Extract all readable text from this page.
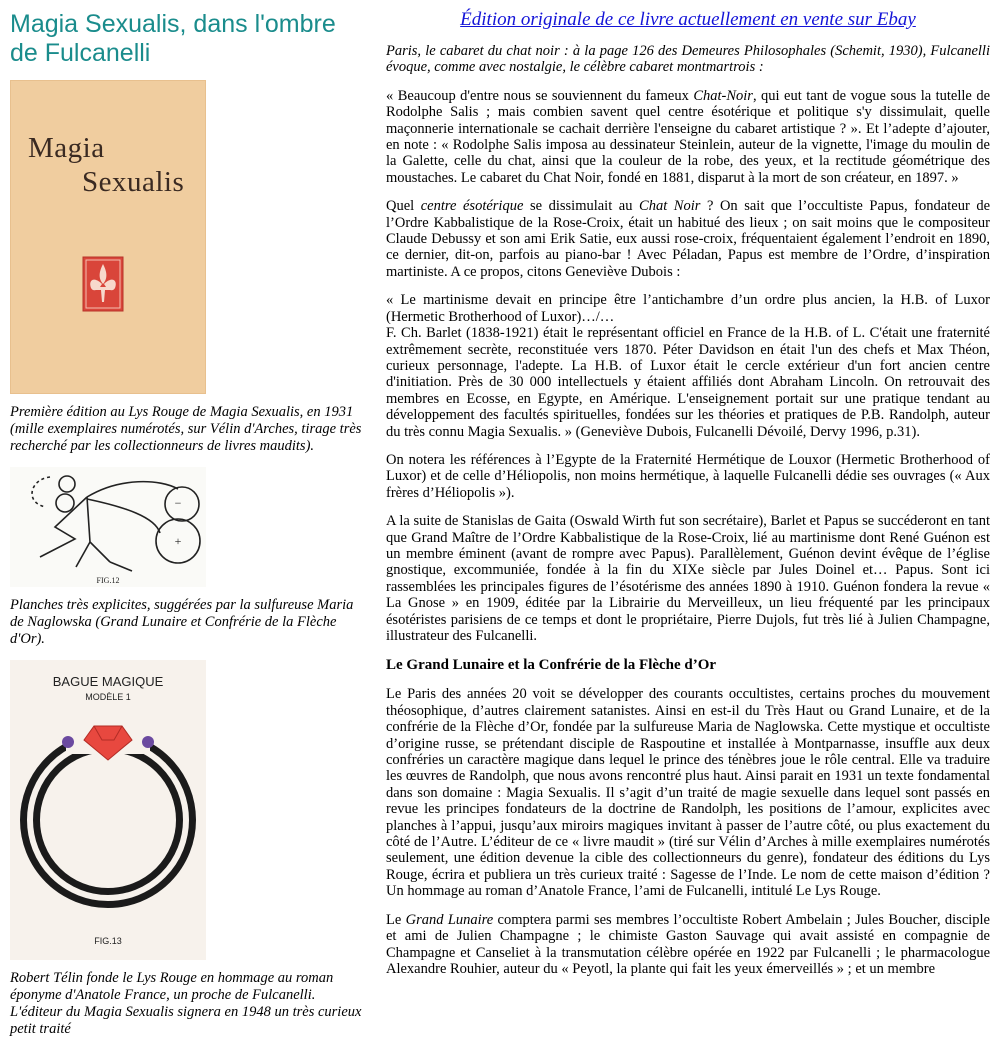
Magia Sexualis, dans l'ombre de Fulcanelli
Magia
Sexualis

Première édition au Lys Rouge de Magia Sexualis, en 1931 (mille exemplaires numérotés, sur Vélin d'Arches, tirage très recherché par les collectionneurs de livres maudits).

−
+
FIG.12

Planches très explicites, suggérées par la sulfureuse Maria de Naglowska (Grand Lunaire et Confrérie de la Flèche d'Or).

BAGUE MAGIQUE
MODÈLE 1
FIG.13

Robert Télin fonde le Lys Rouge en hommage au roman éponyme d'Anatole France, un proche de Fulcanelli. L'éditeur du Magia Sexualis signera en 1948 un très curieux petit traité

Édition originale de ce livre actuellement en vente sur Ebay

Paris, le cabaret du chat noir : à la page 126 des Demeures Philosophales (Schemit, 1930), Fulcanelli évoque, comme avec nostalgie, le célèbre cabaret montmartrois :

« Beaucoup d'entre nous se souviennent du fameux Chat-Noir, qui eut tant de vogue sous la tutelle de Rodolphe Salis ; mais combien savent quel centre ésotérique et politique s'y dissimulait, quelle maçonnerie internationale se cachait derrière l'enseigne du cabaret artistique ? ». Et l’adepte d’ajouter, en note : « Rodolphe Salis imposa au dessinateur Steinlein, auteur de la vignette, l'image du moulin de la Galette, celle du chat, ainsi que la couleur de la robe, des yeux, et la rectitude géométrique des moustaches. Le cabaret du Chat Noir, fondé en 1881, disparut à la mort de son créateur, en 1897. »

Quel centre ésotérique se dissimulait au Chat Noir ? On sait que l’occultiste Papus, fondateur de l’Ordre Kabbalistique de la Rose-Croix, était un habitué des lieux ; on sait moins que le compositeur Claude Debussy et son ami Erik Satie, eux aussi rose-croix, fréquentaient également l’endroit en 1890, ce dernier, dit-on, parfois au piano-bar ! Avec Péladan, Papus est membre de l’Ordre, d’inspiration martiniste. A ce propos, citons Geneviève Dubois :

« Le martinisme devait en principe être l’antichambre d’un ordre plus ancien, la H.B. of Luxor (Hermetic Brotherhood of Luxor)…/…
F. Ch. Barlet (1838-1921) était le représentant officiel en France de la H.B. of L. C'était une fraternité extrêmement secrète, reconstituée vers 1870. Péter Davidson en était l'un des chefs et Max Théon, curieux personnage, l'adepte. La H.B. of Luxor était le cercle extérieur d'un fort ancien centre d'initiation. Près de 30 000 intellectuels y étaient affiliés dont Abraham Lincoln. On retrouvait des membres en Ecosse, en Egypte, en Amérique. L'enseignement portait sur une pratique tendant au développement des facultés spirituelles, fondées sur les théories et pratiques de P.B. Randolph, auteur du très connu Magia Sexualis. » (Geneviève Dubois, Fulcanelli Dévoilé, Dervy 1996, p.31).

On notera les références à l’Egypte de la Fraternité Hermétique de Louxor (Hermetic Brotherhood of Luxor) et de celle d’Héliopolis, non moins hermétique, à laquelle Fulcanelli dédie ses ouvrages (« Aux frères d’Héliopolis »).

A la suite de Stanislas de Gaita (Oswald Wirth fut son secrétaire), Barlet et Papus se succéderont en tant que Grand Maître de l’Ordre Kabbalistique de la Rose-Croix, lié au martinisme dont René Guénon est un membre éminent (avant de rompre avec Papus). Parallèlement, Guénon devint évêque de l’église gnostique, excommuniée, fondée à la fin du XIXe siècle par Jules Doinel et… Papus. Sont ici rassemblées les principales figures de l’ésotérisme des années 1890 à 1910. Guénon fondera la revue « La Gnose » en 1909, éditée par la Librairie du Merveilleux, un lieu fréquenté par les principaux ésotéristes parisiens de ce temps et dont le propriétaire, Pierre Dujols, fut très lié à Julien Champagne, illustrateur des Fulcanelli.

Le Grand Lunaire et la Confrérie de la Flèche d’Or

Le Paris des années 20 voit se développer des courants occultistes, certains proches du mouvement théosophique, d’autres clairement satanistes. Ainsi en est-il du Très Haut ou Grand Lunaire, et de la confrérie de la Flèche d’Or, fondée par la sulfureuse Maria de Naglowska. Cette mystique et occultiste d’origine russe, se prétendant disciple de Raspoutine et installée à Montparnasse, insuffle aux deux confréries un caractère magique dans lequel le prince des ténèbres joue le rôle central. Elle va traduire les œuvres de Randolph, que nous avons rencontré plus haut. Ainsi parait en 1931 un texte fondamental dans son domaine : Magia Sexualis. Il s’agit d’un traité de magie sexuelle dans lequel sont passés en revue les principes fondateurs de la doctrine de Randolph, les positions de l’amour, explicites avec planches à l’appui, jusqu’aux miroirs magiques invitant à passer de l’autre côté, ou plus exactement du côté de l’Autre. L’éditeur de ce « livre maudit » (tiré sur Vélin d’Arches à mille exemplaires numérotés seulement, une édition devenue la cible des collectionneurs du genre), fondateur des éditions du Lys Rouge, écrira et publiera un très curieux traité : Sagesse de l’Inde. Le nom de cette maison d’édition ? Un hommage au roman d’Anatole France, l’ami de Fulcanelli, intitulé Le Lys Rouge.

Le Grand Lunaire comptera parmi ses membres l’occultiste Robert Ambelain ; Jules Boucher, disciple et ami de Julien Champagne ; le chimiste Gaston Sauvage qui avait assisté en compagnie de Champagne et Canseliet à la transmutation célèbre opérée en 1922 par Fulcanelli ; le pharmacologue Alexandre Rouhier, auteur du « Peyotl, la plante qui fait les yeux émerveillés » ; et un membre
